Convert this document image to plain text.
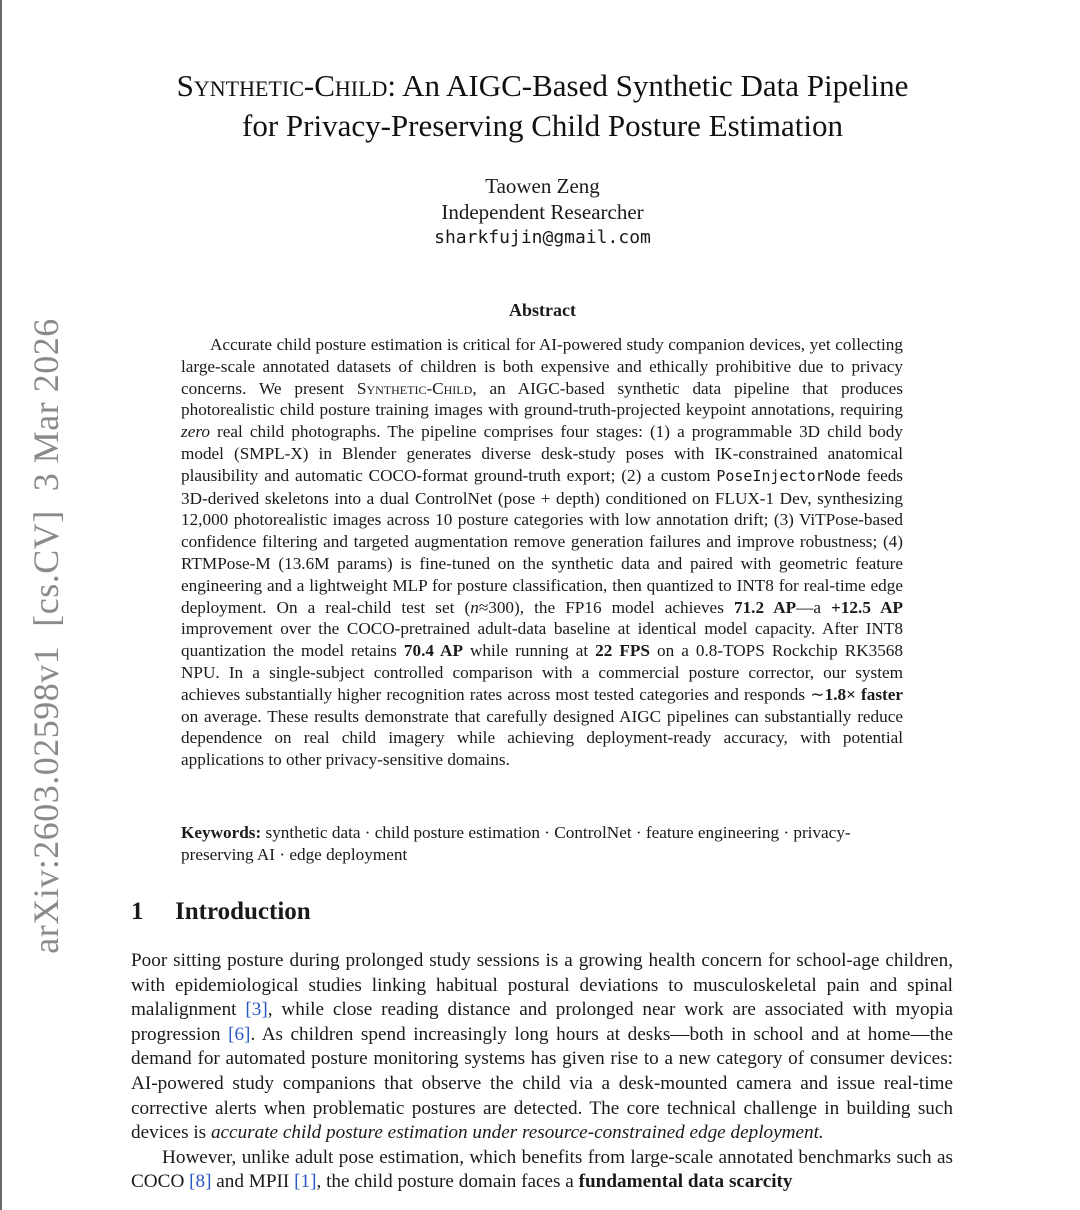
arXiv:2603.02598v1  [cs.CV]  3 Mar 2026
Synthetic-Child: An AIGC-Based Synthetic Data Pipeline
for Privacy-Preserving Child Posture Estimation
Taowen Zeng
Independent Researcher
sharkfujin@gmail.com
Abstract

Accurate child posture estimation is critical for AI-powered study companion devices, yet collecting large-scale annotated datasets of children is both expensive and ethically prohibitive due to privacy concerns. We present Synthetic-Child, an AIGC-based synthetic data pipeline that produces photorealistic child posture training images with ground-truth-projected keypoint annotations, requiring zero real child photographs. The pipeline comprises four stages: (1) a programmable 3D child body model (SMPL-X) in Blender generates diverse desk-study poses with IK-constrained anatomical plausibility and automatic COCO-format ground-truth export; (2) a custom PoseInjectorNode feeds 3D-derived skeletons into a dual ControlNet (pose + depth) conditioned on FLUX-1 Dev, synthesizing 12,000 photorealistic images across 10 posture categories with low annotation drift; (3) ViTPose-based confidence filtering and targeted augmentation remove generation failures and improve robustness; (4) RTMPose-M (13.6M params) is fine-tuned on the synthetic data and paired with geometric feature engineering and a lightweight MLP for posture classification, then quantized to INT8 for real-time edge deployment. On a real-child test set (n≈300), the FP16 model achieves 71.2 AP—a +12.5 AP improvement over the COCO-pretrained adult-data baseline at identical model capacity. After INT8 quantization the model retains 70.4 AP while running at 22 FPS on a 0.8-TOPS Rockchip RK3568 NPU. In a single-subject controlled comparison with a commercial posture corrector, our system achieves substantially higher recognition rates across most tested categories and responds ∼1.8× faster on average. These results demonstrate that carefully designed AIGC pipelines can substantially reduce dependence on real child imagery while achieving deployment-ready accuracy, with potential applications to other privacy-sensitive domains.

Keywords: synthetic data · child posture estimation · ControlNet · feature engineering · privacy-preserving AI · edge deployment

1 Introduction

Poor sitting posture during prolonged study sessions is a growing health concern for school-age children, with epidemiological studies linking habitual postural deviations to musculoskeletal pain and spinal malalignment [3], while close reading distance and prolonged near work are associated with myopia progression [6]. As children spend increasingly long hours at desks—both in school and at home—the demand for automated posture monitoring systems has given rise to a new category of consumer devices: AI-powered study companions that observe the child via a desk-mounted camera and issue real-time corrective alerts when problematic postures are detected. The core technical challenge in building such devices is accurate child posture estimation under resource-constrained edge deployment.

However, unlike adult pose estimation, which benefits from large-scale annotated benchmarks such as COCO [8] and MPII [1], the child posture domain faces a fundamental data scarcity
